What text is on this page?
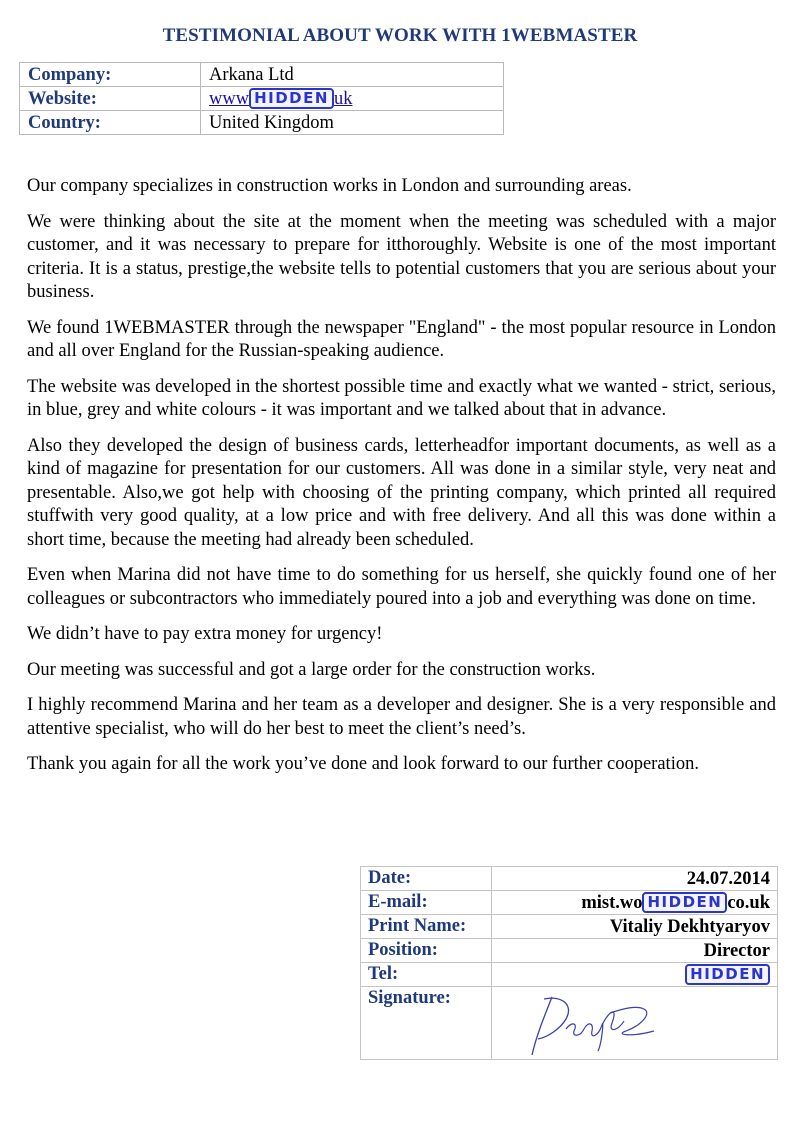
TESTIMONIAL ABOUT WORK WITH 1WEBMASTER
Company:	Arkana Ltd
Website:	www HIDDEN uk
Country:	United Kingdom

Our company specializes in construction works in London and surrounding areas.

We were thinking about the site at the moment when the meeting was scheduled with a major customer, and it was necessary to prepare for itthoroughly. Website is one of the most important criteria. It is a status, prestige,the website tells to potential customers that you are serious about your business.

We found 1WEBMASTER through the newspaper "England" - the most popular resource in London and all over England for the Russian-speaking audience.

The website was developed in the shortest possible time and exactly what we wanted - strict, serious, in blue, grey and white colours - it was important and we talked about that in advance.

Also they developed the design of business cards, letterheadfor important documents, as well as a kind of magazine for presentation for our customers. All was done in a similar style, very neat and presentable. Also,we got help with choosing of the printing company, which printed all required stuffwith very good quality, at a low price and with free delivery. And all this was done within a short time, because the meeting had already been scheduled.

Even when Marina did not have time to do something for us herself, she quickly found one of her colleagues or subcontractors who immediately poured into a job and everything was done on time.

We didn’t have to pay extra money for urgency!

Our meeting was successful and got a large order for the construction works.

I highly recommend Marina and her team as a developer and designer. She is a very responsible and attentive specialist, who will do her best to meet the client’s need’s.

Thank you again for all the work you’ve done and look forward to our further cooperation.

Date:	24.07.2014
E-mail:	mist.wo HIDDEN co.uk
Print Name:	Vitaliy Dekhtyaryov
Position:	Director
Tel:	HIDDEN
Signature:	
